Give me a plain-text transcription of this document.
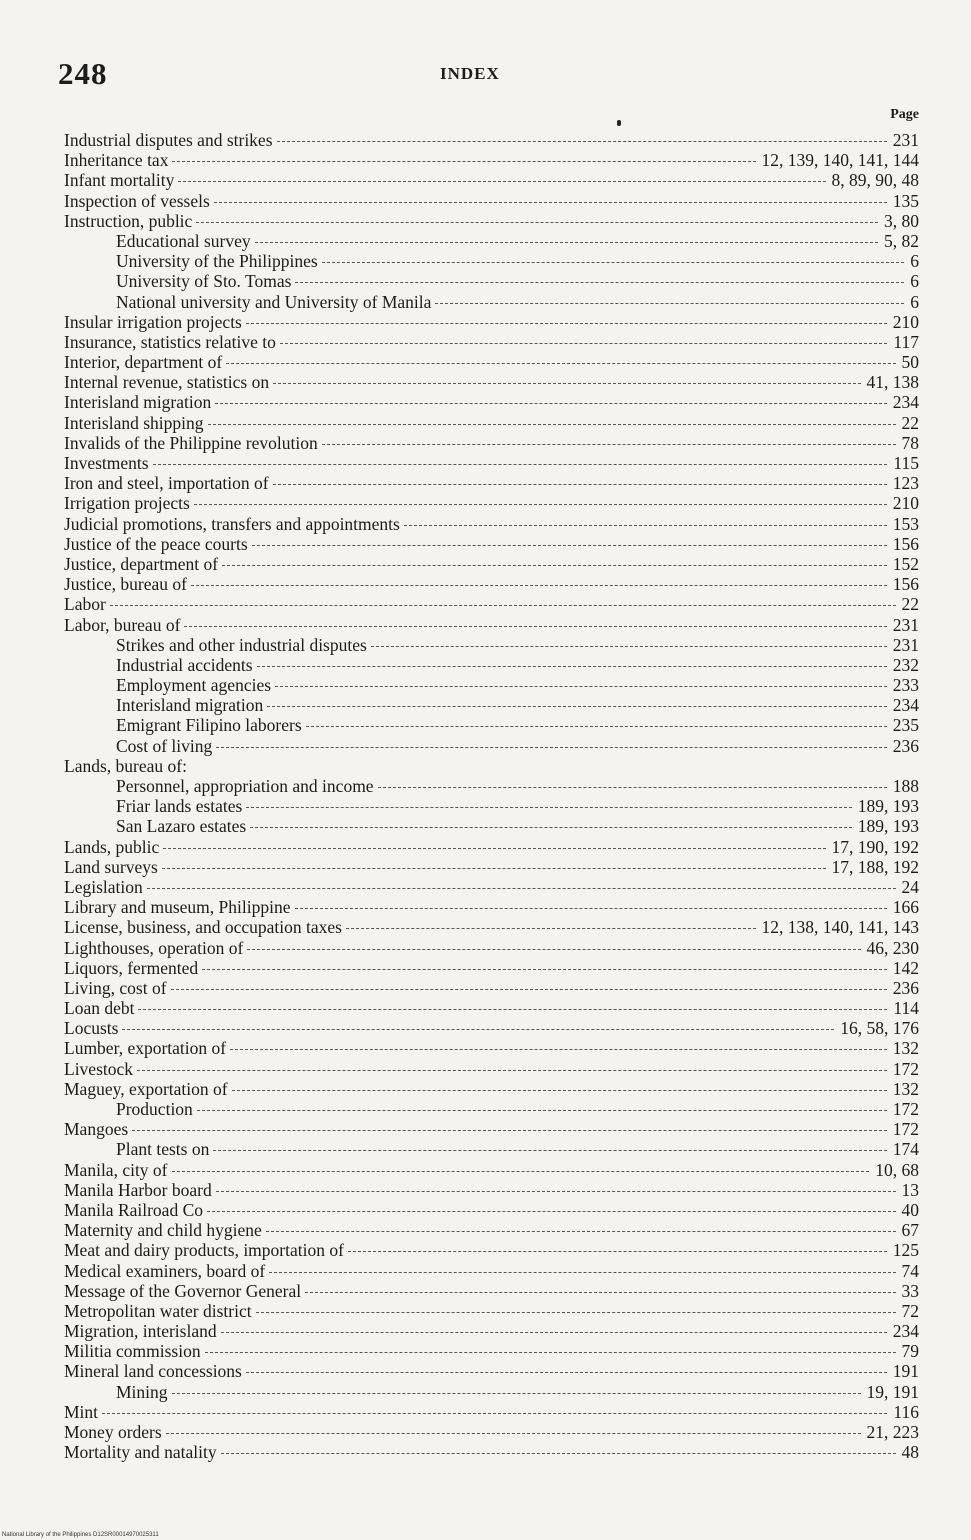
248	INDEX
Page
Industrial disputes and strikes	231
Inheritance tax	12, 139, 140, 141, 144
Infant mortality	8, 89, 90, 48
Inspection of vessels	135
Instruction, public	3, 80
Educational survey	5, 82
University of the Philippines	6
University of Sto. Tomas	6
National university and University of Manila	6
Insular irrigation projects	210
Insurance, statistics relative to	117
Interior, department of	50
Internal revenue, statistics on	41, 138
Interisland migration	234
Interisland shipping	22
Invalids of the Philippine revolution	78
Investments	115
Iron and steel, importation of	123
Irrigation projects	210
Judicial promotions, transfers and appointments	153
Justice of the peace courts	156
Justice, department of	152
Justice, bureau of	156
Labor	22
Labor, bureau of	231
Strikes and other industrial disputes	231
Industrial accidents	232
Employment agencies	233
Interisland migration	234
Emigrant Filipino laborers	235
Cost of living	236
Lands, bureau of:
Personnel, appropriation and income	188
Friar lands estates	189, 193
San Lazaro estates	189, 193
Lands, public	17, 190, 192
Land surveys	17, 188, 192
Legislation	24
Library and museum, Philippine	166
License, business, and occupation taxes	12, 138, 140, 141, 143
Lighthouses, operation of	46, 230
Liquors, fermented	142
Living, cost of	236
Loan debt	114
Locusts	16, 58, 176
Lumber, exportation of	132
Livestock	172
Maguey, exportation of	132
Production	172
Mangoes	172
Plant tests on	174
Manila, city of	10, 68
Manila Harbor board	13
Manila Railroad Co	40
Maternity and child hygiene	67
Meat and dairy products, importation of	125
Medical examiners, board of	74
Message of the Governor General	33
Metropolitan water district	72
Migration, interisland	234
Militia commission	79
Mineral land concessions	191
Mining	19, 191
Mint	116
Money orders	21, 223
Mortality and natality	48
National Library of the Philippines D12SR00014970025311
